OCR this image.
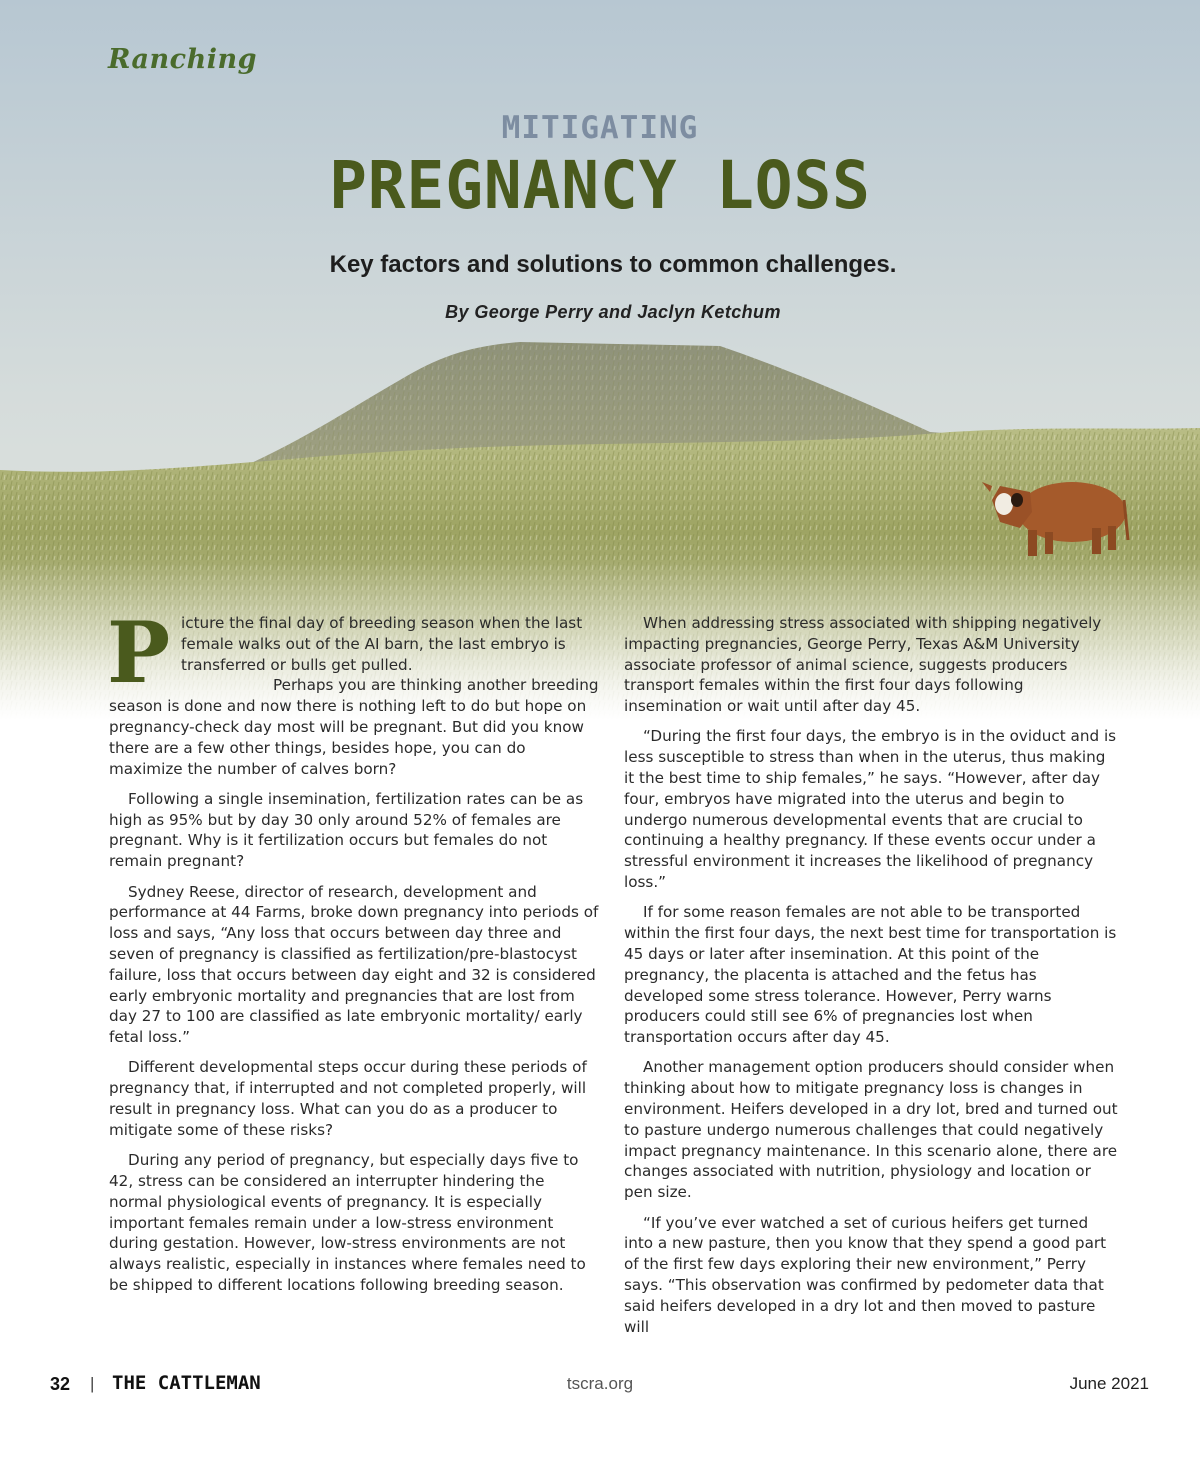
Ranching
MITIGATING
PREGNANCY LOSS
Key factors and solutions to common challenges.
By George Perry and Jaclyn Ketchum

Picture the final day of breeding season when the last female walks out of the AI barn, the last embryo is transferred or bulls get pulled.

Perhaps you are thinking another breeding season is done and now there is nothing left to do but hope on pregnancy-check day most will be pregnant. But did you know there are a few other things, besides hope, you can do maximize the number of calves born?

Following a single insemination, fertilization rates can be as high as 95% but by day 30 only around 52% of females are pregnant. Why is it fertilization occurs but females do not remain pregnant?

Sydney Reese, director of research, development and performance at 44 Farms, broke down pregnancy into periods of loss and says, “Any loss that occurs between day three and seven of pregnancy is classified as fertilization/pre-blastocyst failure, loss that occurs between day eight and 32 is considered early embryonic mortality and pregnancies that are lost from day 27 to 100 are classified as late embryonic mortality/ early fetal loss.”

Different developmental steps occur during these periods of pregnancy that, if interrupted and not completed properly, will result in pregnancy loss. What can you do as a producer to mitigate some of these risks?

During any period of pregnancy, but especially days five to 42, stress can be considered an interrupter hindering the normal physiological events of pregnancy. It is especially important females remain under a low-stress environment during gestation. However, low-stress environments are not always realistic, especially in instances where females need to be shipped to different locations following breeding season.

When addressing stress associated with shipping negatively impacting pregnancies, George Perry, Texas A&M University associate professor of animal science, suggests producers transport females within the first four days following insemination or wait until after day 45.

“During the first four days, the embryo is in the oviduct and is less susceptible to stress than when in the uterus, thus making it the best time to ship females,” he says. “However, after day four, embryos have migrated into the uterus and begin to undergo numerous developmental events that are crucial to continuing a healthy pregnancy. If these events occur under a stressful environment it increases the likelihood of pregnancy loss.”

If for some reason females are not able to be transported within the first four days, the next best time for transportation is 45 days or later after insemination. At this point of the pregnancy, the placenta is attached and the fetus has developed some stress tolerance. However, Perry warns producers could still see 6% of pregnancies lost when transportation occurs after day 45.

Another management option producers should consider when thinking about how to mitigate pregnancy loss is changes in environment. Heifers developed in a dry lot, bred and turned out to pasture undergo numerous challenges that could negatively impact pregnancy maintenance. In this scenario alone, there are changes associated with nutrition, physiology and location or pen size.

“If you’ve ever watched a set of curious heifers get turned into a new pasture, then you know that they spend a good part of the first few days exploring their new environment,” Perry says. “This observation was confirmed by pedometer data that said heifers developed in a dry lot and then moved to pasture will

32 | THE CATTLEMAN	tscra.org	June 2021
